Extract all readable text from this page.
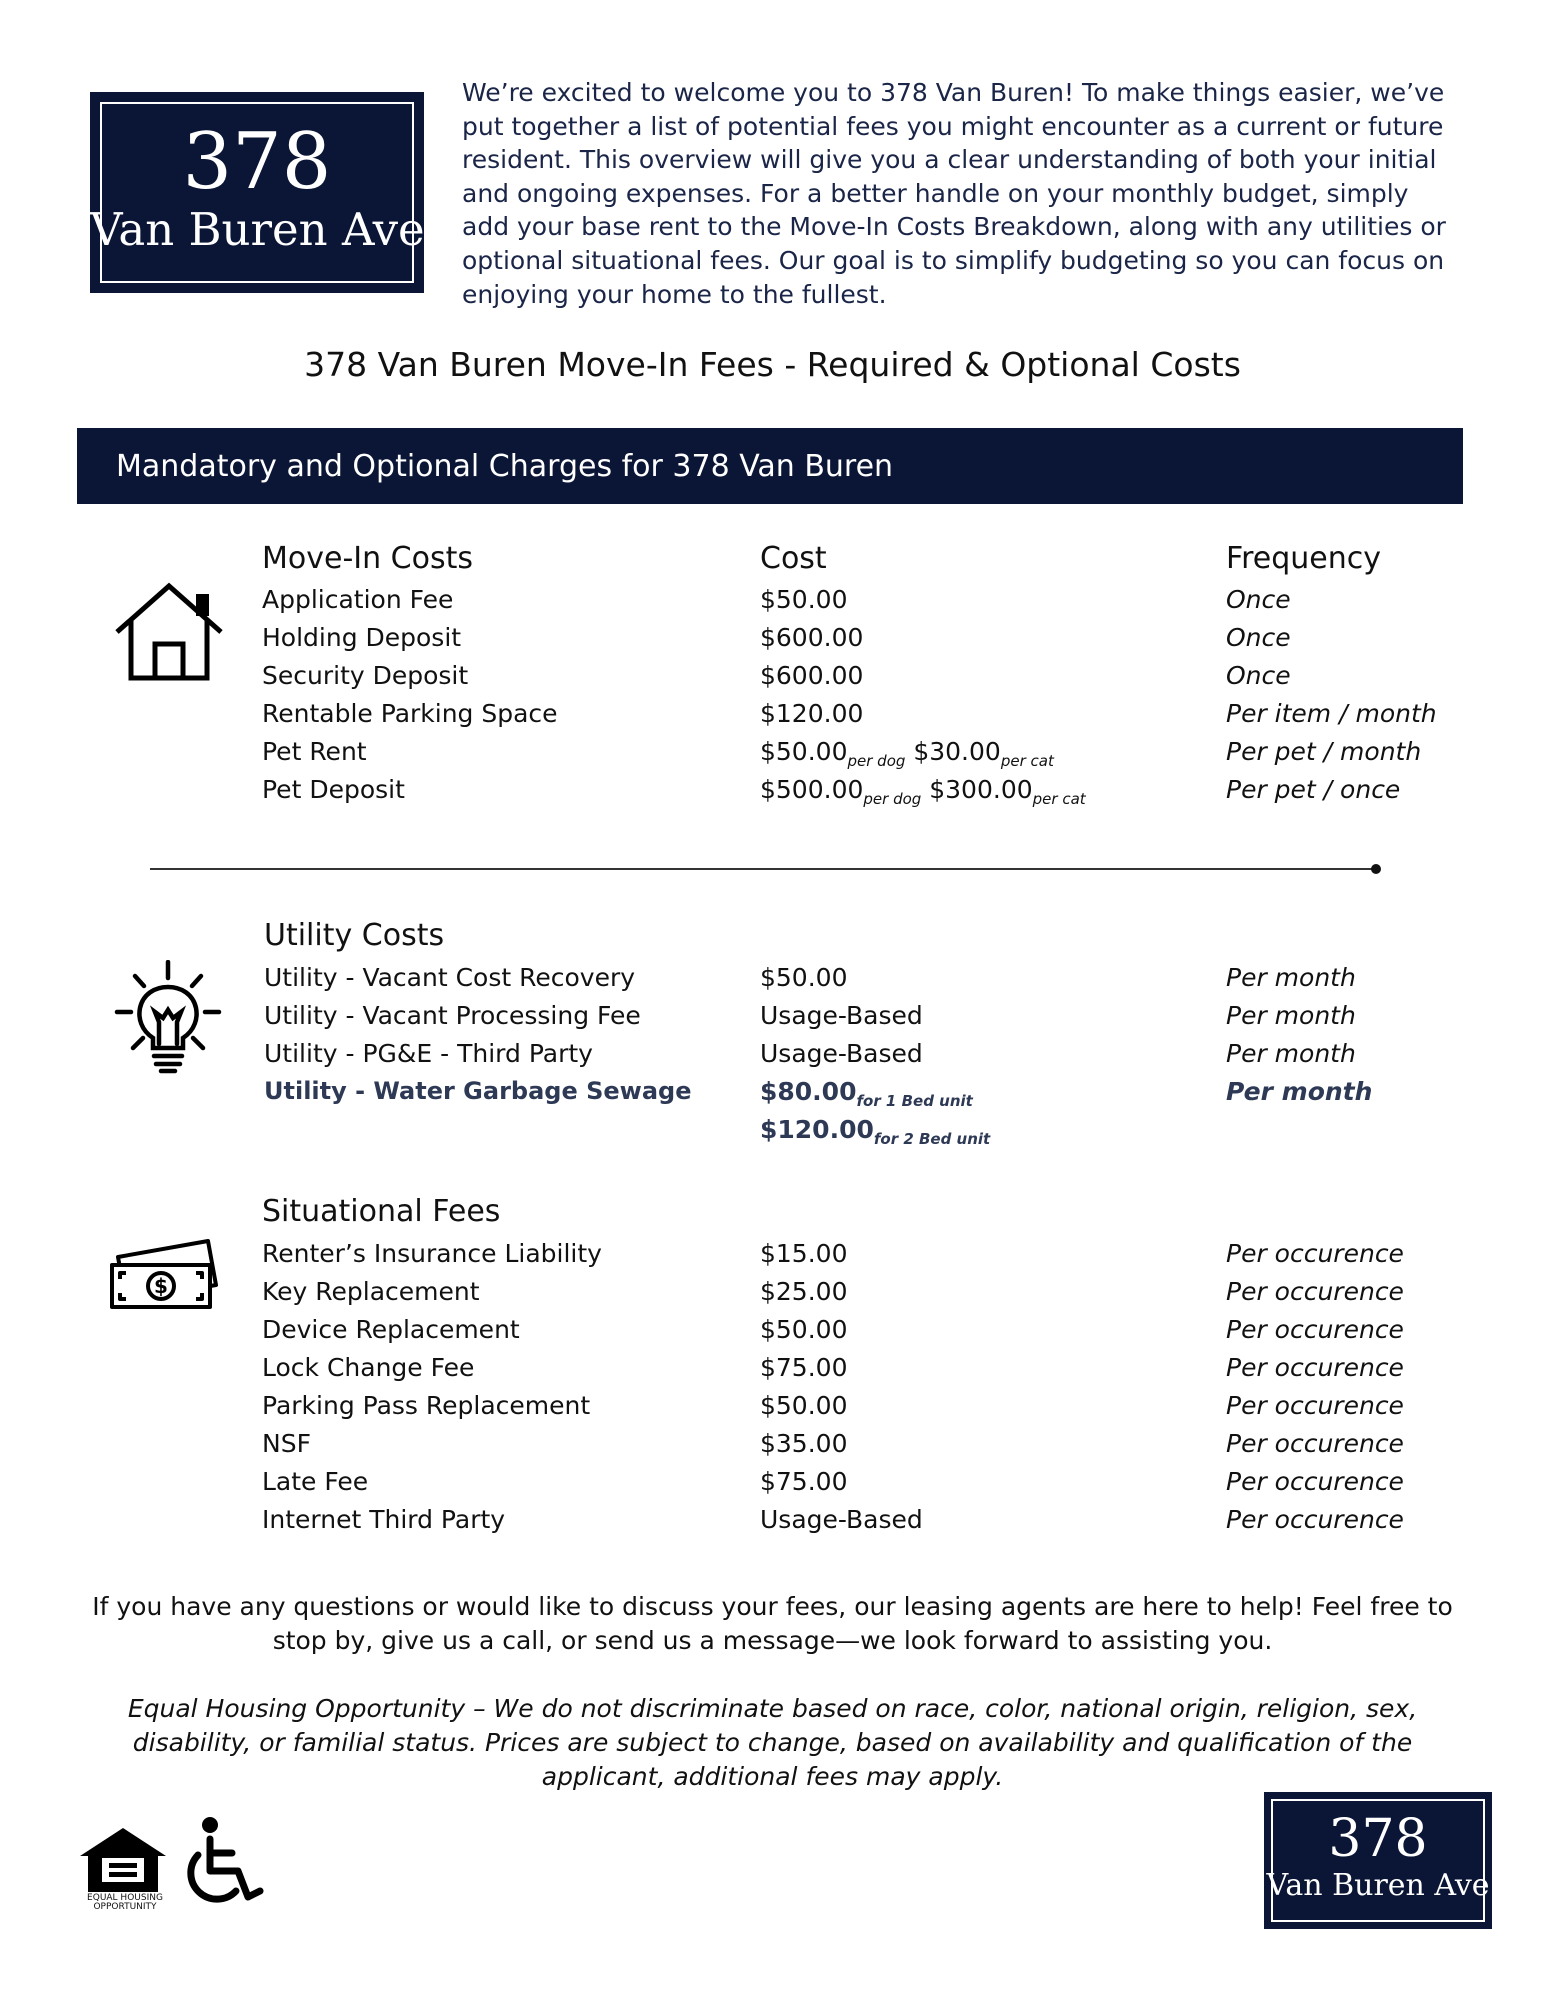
378
Van Buren Ave
We’re excited to welcome you to 378 Van Buren! To make things easier, we’ve put together a list of potential fees you might encounter as a current or future resident. This overview will give you a clear understanding of both your initial and ongoing expenses. For a better handle on your monthly budget, simply add your base rent to the Move-In Costs Breakdown, along with any utilities or optional situational fees. Our goal is to simplify budgeting so you can focus on enjoying your home to the fullest.
378 Van Buren Move-In Fees - Required & Optional Costs
Mandatory and Optional Charges for 378 Van Buren
Move-In Costs	Cost	Frequency
Application Fee	$50.00	Once
Holding Deposit	$600.00	Once
Security Deposit	$600.00	Once
Rentable Parking Space	$120.00	Per item / month
Pet Rent	$\$50.00_{per dog}$ $\$30.00_{per cat}$	Per pet / month
Pet Deposit	$\$500.00_{per dog}$ $\$300.00_{per cat}$	Per pet / once
Utility Costs
Utility - Vacant Cost Recovery	$50.00	Per month
Utility - Vacant Processing Fee	Usage-Based	Per month
Utility - PG&E - Third Party	Usage-Based	Per month
Utility - Water Garbage Sewage	$\$80.00_{for 1 Bed unit}$	Per month
$\$120.00_{for 2 Bed unit}$
$
Situational Fees
Renter’s Insurance Liability	$15.00	Per occurence
Key Replacement	$25.00	Per occurence
Device Replacement	$50.00	Per occurence
Lock Change Fee	$75.00	Per occurence
Parking Pass Replacement	$50.00	Per occurence
NSF	$35.00	Per occurence
Late Fee	$75.00	Per occurence
Internet Third Party	Usage-Based	Per occurence
If you have any questions or would like to discuss your fees, our leasing agents are here to help! Feel free to stop by, give us a call, or send us a message—we look forward to assisting you.
Equal Housing Opportunity – We do not discriminate based on race, color, national origin, religion, sex, disability, or familial status. Prices are subject to change, based on availability and qualification of the applicant, additional fees may apply.
EQUAL HOUSING
OPPORTUNITY
378
Van Buren Ave
